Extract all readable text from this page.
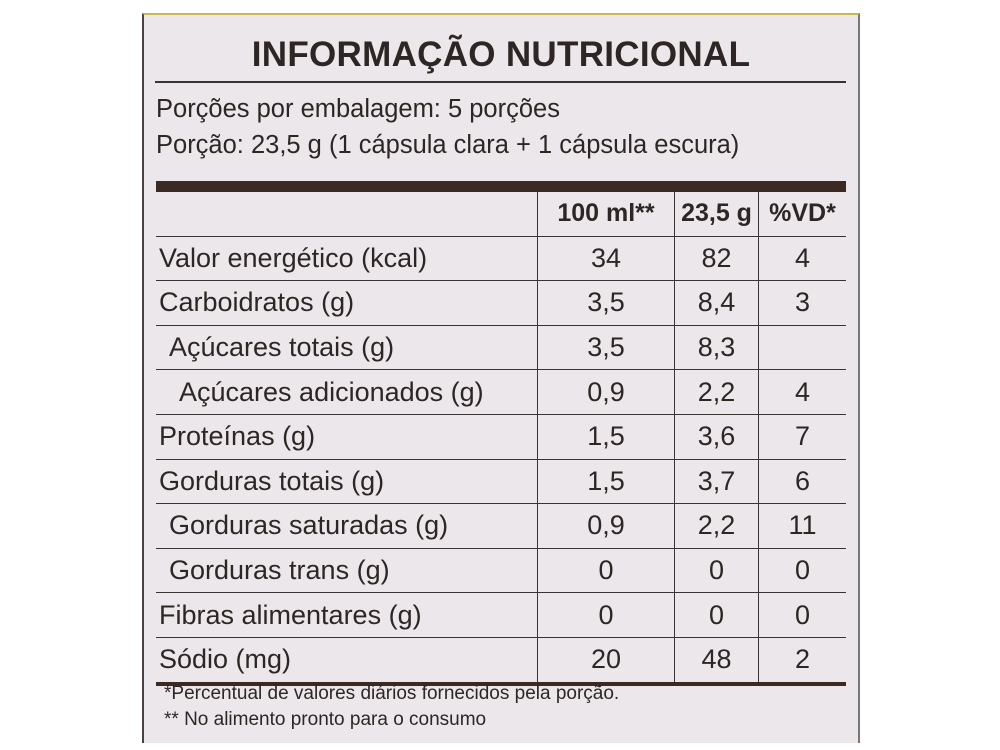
INFORMAÇÃO NUTRICIONAL
Porções por embalagem: 5 porções
Porção: 23,5 g (1 cápsula clara + 1 cápsula escura)
	100 ml**	23,5 g	%VD*
Valor energético (kcal)	34	82	4
Carboidratos (g)	3,5	8,4	3
Açúcares totais (g)	3,5	8,3	
Açúcares adicionados (g)	0,9	2,2	4
Proteínas (g)	1,5	3,6	7
Gorduras totais (g)	1,5	3,7	6
Gorduras saturadas (g)	0,9	2,2	11
Gorduras trans (g)	0	0	0
Fibras alimentares (g)	0	0	0
Sódio (mg)	20	48	2
*Percentual de valores diários fornecidos pela porção.
** No alimento pronto para o consumo
